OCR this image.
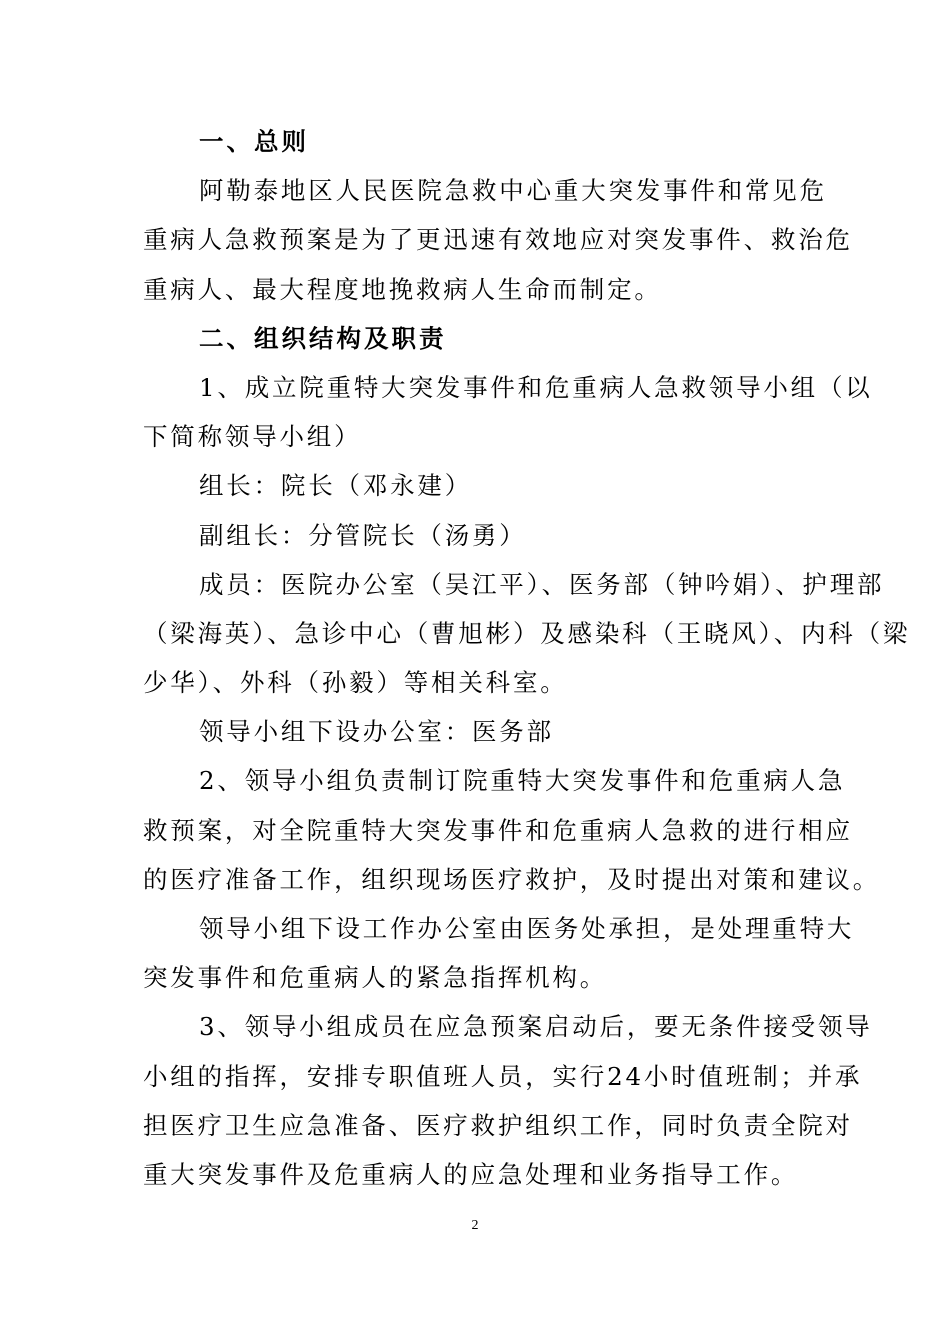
一、总则
阿勒泰地区人民医院急救中心重大突发事件和常见危
重病人急救预案是为了更迅速有效地应对突发事件、救治危
重病人、最大程度地挽救病人生命而制定。
二、组织结构及职责
1、成立院重特大突发事件和危重病人急救领导小组（以
下简称领导小组）
组长：院长（邓永建）
副组长：分管院长（汤勇）
成员：医院办公室（吴江平）、医务部（钟吟娟）、护理部
（梁海英）、急诊中心（曹旭彬）及感染科（王晓风）、内科（梁
少华）、外科（孙毅）等相关科室。
领导小组下设办公室：医务部
2、领导小组负责制订院重特大突发事件和危重病人急
救预案，对全院重特大突发事件和危重病人急救的进行相应
的医疗准备工作，组织现场医疗救护，及时提出对策和建议。
领导小组下设工作办公室由医务处承担，是处理重特大
突发事件和危重病人的紧急指挥机构。
3、领导小组成员在应急预案启动后，要无条件接受领导
小组的指挥，安排专职值班人员，实行24小时值班制；并承
担医疗卫生应急准备、医疗救护组织工作，同时负责全院对
重大突发事件及危重病人的应急处理和业务指导工作。
2
